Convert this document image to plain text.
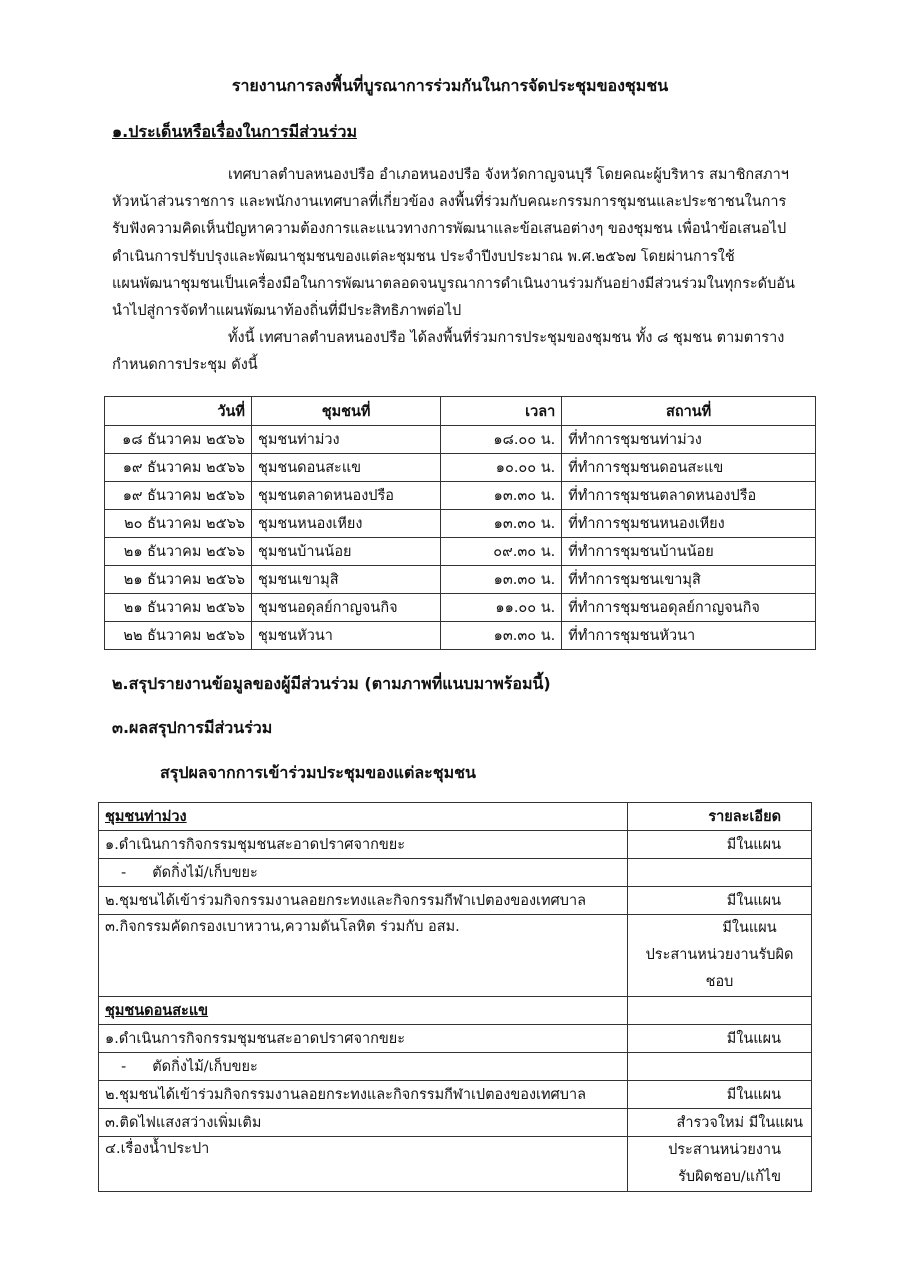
รายงานการลงพื้นที่บูรณาการร่วมกันในการจัดประชุมของชุมชน
๑.ประเด็นหรือเรื่องในการมีส่วนร่วม
เทศบาลตำบลหนองปรือ อำเภอหนองปรือ จังหวัดกาญจนบุรี โดยคณะผู้บริหาร สมาชิกสภาฯ
หัวหน้าส่วนราชการ และพนักงานเทศบาลที่เกี่ยวข้อง ลงพื้นที่ร่วมกับคณะกรรมการชุมชนและประชาชนในการ
รับฟังความคิดเห็นปัญหาความต้องการและแนวทางการพัฒนาและข้อเสนอต่างๆ ของชุมชน เพื่อนำข้อเสนอไป
ดำเนินการปรับปรุงและพัฒนาชุมชนของแต่ละชุมชน ประจำปีงบประมาณ พ.ศ.๒๕๖๗ โดยผ่านการใช้
แผนพัฒนาชุมชนเป็นเครื่องมือในการพัฒนาตลอดจนบูรณาการดำเนินงานร่วมกันอย่างมีส่วนร่วมในทุกระดับอัน
นำไปสู่การจัดทำแผนพัฒนาท้องถิ่นที่มีประสิทธิภาพต่อไป
ทั้งนี้ เทศบาลตำบลหนองปรือ ได้ลงพื้นที่ร่วมการประชุมของชุมชน ทั้ง ๘ ชุมชน ตามตาราง
กำหนดการประชุม ดังนี้
วันที่	ชุมชนที่	เวลา	สถานที่
๑๘ ธันวาคม ๒๕๖๖	ชุมชนท่าม่วง	๑๘.๐๐ น.	ที่ทำการชุมชนท่าม่วง
๑๙ ธันวาคม ๒๕๖๖	ชุมชนดอนสะแข	๑๐.๐๐ น.	ที่ทำการชุมชนดอนสะแข
๑๙ ธันวาคม ๒๕๖๖	ชุมชนตลาดหนองปรือ	๑๓.๓๐ น.	ที่ทำการชุมชนตลาดหนองปรือ
๒๐ ธันวาคม ๒๕๖๖	ชุมชนหนองเหียง	๑๓.๓๐ น.	ที่ทำการชุมชนหนองเหียง
๒๑ ธันวาคม ๒๕๖๖	ชุมชนบ้านน้อย	๐๙.๓๐ น.	ที่ทำการชุมชนบ้านน้อย
๒๑ ธันวาคม ๒๕๖๖	ชุมชนเขามุสิ	๑๓.๓๐ น.	ที่ทำการชุมชนเขามุสิ
๒๑ ธันวาคม ๒๕๖๖	ชุมชนอดุลย์กาญจนกิจ	๑๑.๐๐ น.	ที่ทำการชุมชนอดุลย์กาญจนกิจ
๒๒ ธันวาคม ๒๕๖๖	ชุมชนหัวนา	๑๓.๓๐ น.	ที่ทำการชุมชนหัวนา
๒.สรุปรายงานข้อมูลของผู้มีส่วนร่วม (ตามภาพที่แนบมาพร้อมนี้)
๓.ผลสรุปการมีส่วนร่วม
สรุปผลจากการเข้าร่วมประชุมของแต่ละชุมชน
ชุมชนท่าม่วง	รายละเอียด
๑.ดำเนินการกิจกรรมชุมชนสะอาดปราศจากขยะ	มีในแผน
- ตัดกิ่งไม้/เก็บขยะ	
๒.ชุมชนได้เข้าร่วมกิจกรรมงานลอยกระทงและกิจกรรมกีฬาเปตองของเทศบาล	มีในแผน
๓.กิจกรรมคัดกรองเบาหวาน,ความดันโลหิต ร่วมกับ อสม.	มีในแผน
ประสานหน่วยงานรับผิดชอบ

ชุมชนดอนสะแข	
๑.ดำเนินการกิจกรรมชุมชนสะอาดปราศจากขยะ	มีในแผน
- ตัดกิ่งไม้/เก็บขยะ	
๒.ชุมชนได้เข้าร่วมกิจกรรมงานลอยกระทงและกิจกรรมกีฬาเปตองของเทศบาล	มีในแผน
๓.ติดไฟแสงสว่างเพิ่มเติม	สำรวจใหม่ มีในแผน
๔.เรื่องน้ำประปา	ประสานหน่วยงาน
รับผิดชอบ/แก้ไข
